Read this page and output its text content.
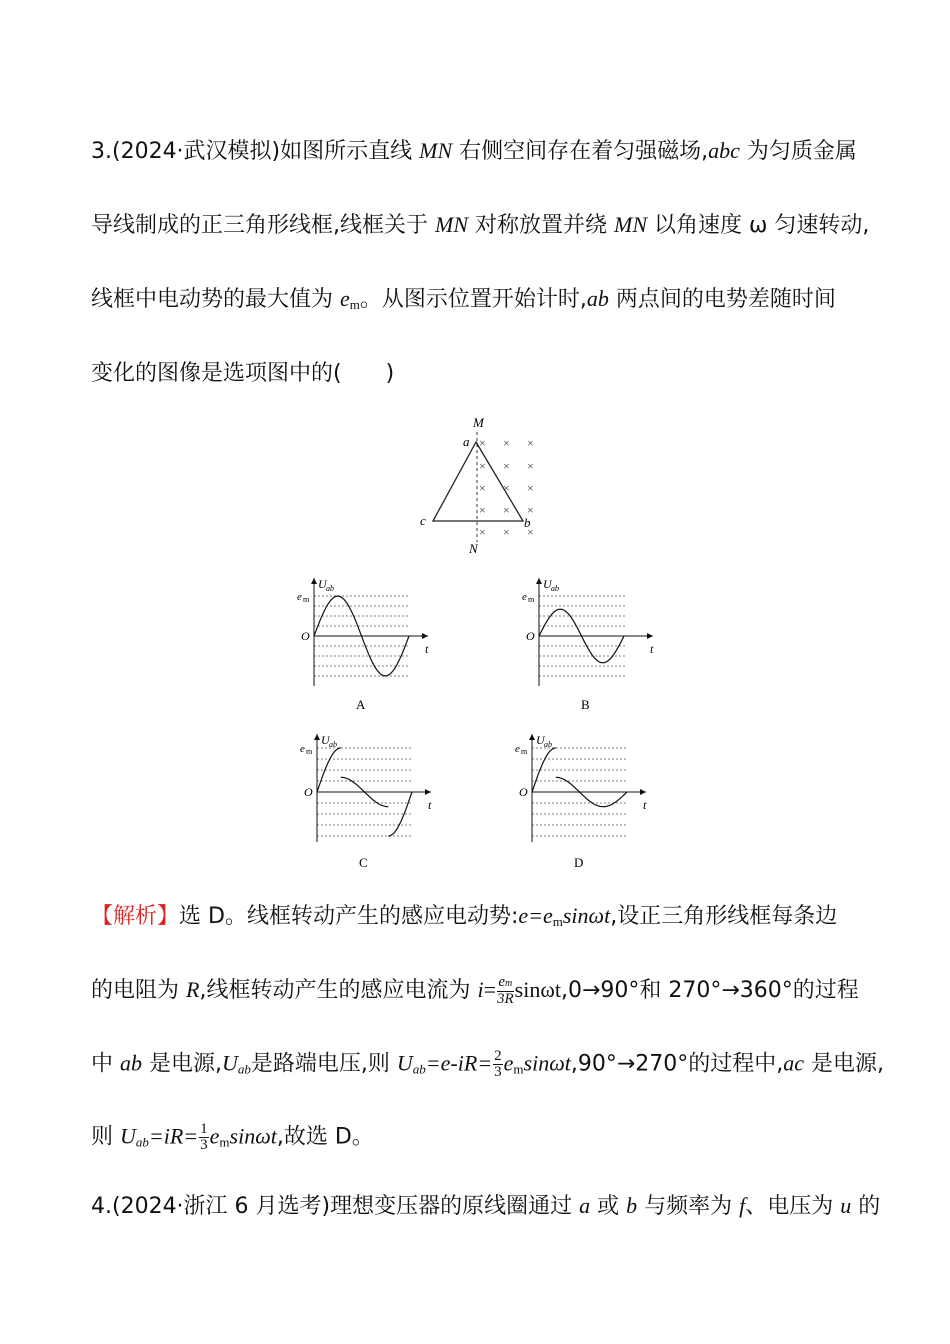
3.(2024·武汉模拟)如图所示直线 MN 右侧空间存在着匀强磁场,abc 为匀质金属
导线制成的正三角形线框,线框关于 MN 对称放置并绕 MN 以角速度 ω 匀速转动,
线框中电动势的最大值为 $e_m$。从图示位置开始计时,ab 两点间的电势差随时间
变化的图像是选项图中的(　　)
M
N
a
b
c
× × ×
× × ×
× × ×
× × ×
× × ×
U ab
e m
O
t
A
U ab
e m
O
t
B
U ab
e m
O
t
C
U ab
e m
O
t
D
【解析】选 D。线框转动产生的感应电动势$:e=e_m\sin\omega t$,设正三角形线框每条边
的电阻为 R,线框转动产生的感应电流为 $i= \frac{em}{3R} \sin\omega t,0\to 90^\circ$和 270°→360°的过程
中 ab 是电源$,U_{ab}$是路端电压,则 $U_{ab}=e-iR= \frac{2}{3} e_m\sin\omega t,90^\circ\to 270^\circ$的过程中,ac 是电源,
则 $U_{ab}=iR= \frac{1}{3} e_m\sin\omega t$,故选 D。
4.(2024·浙江 6 月选考)理想变压器的原线圈通过 a 或 b 与频率为 f、电压为 u 的
